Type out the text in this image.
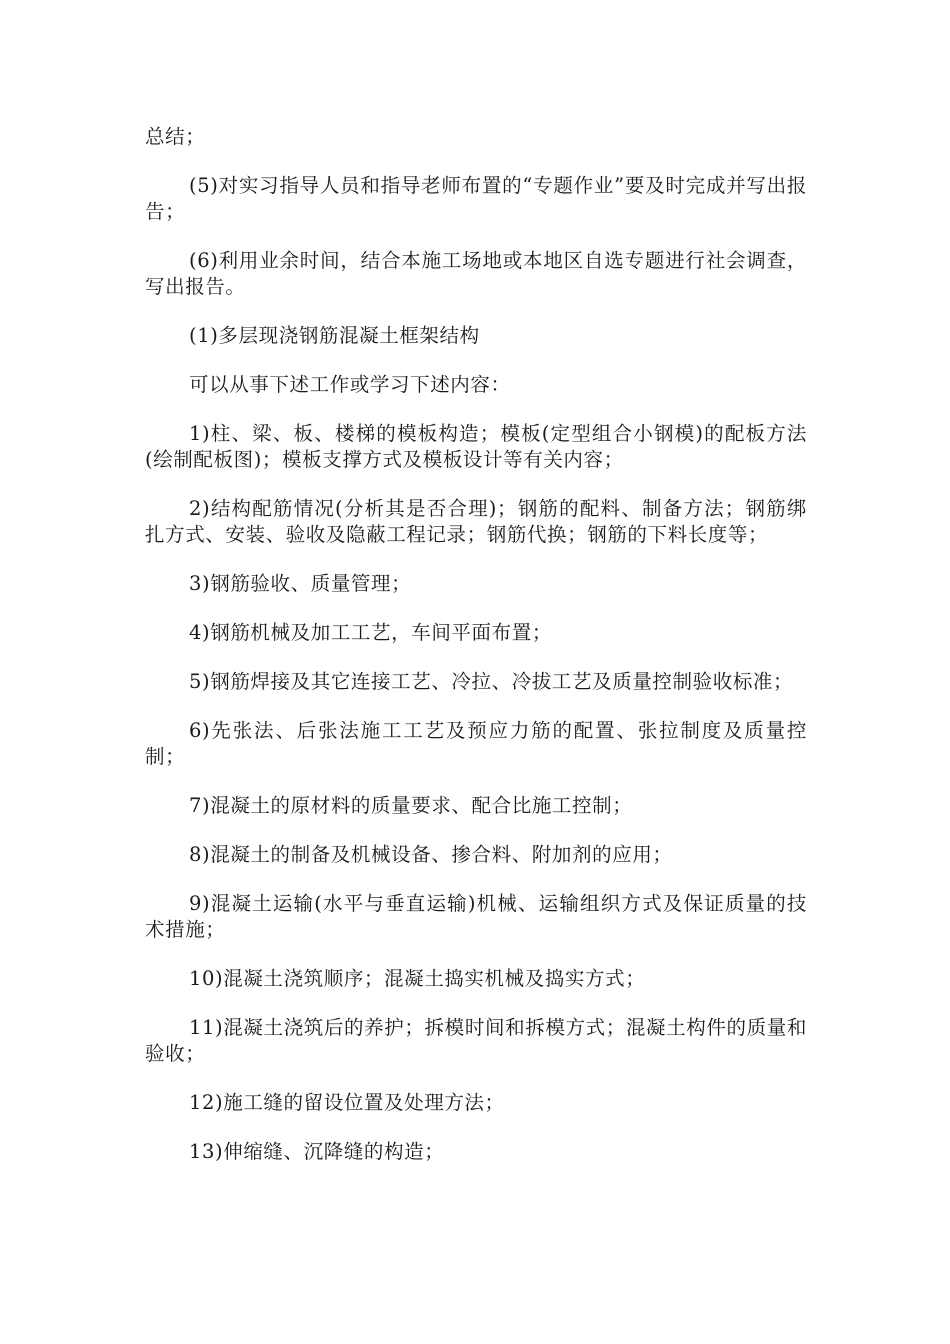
总结；

(5)对实习指导人员和指导老师布置的“专题作业”要及时完成并写出报告；

(6)利用业余时间，结合本施工场地或本地区自选专题进行社会调查，写出报告。

(1)多层现浇钢筋混凝土框架结构

可以从事下述工作或学习下述内容：

1)柱、梁、板、楼梯的模板构造；模板(定型组合小钢模)的配板方法(绘制配板图)；模板支撑方式及模板设计等有关内容；

2)结构配筋情况(分析其是否合理)；钢筋的配料、制备方法；钢筋绑扎方式、安装、验收及隐蔽工程记录；钢筋代换；钢筋的下料长度等；

3)钢筋验收、质量管理；

4)钢筋机械及加工工艺，车间平面布置；

5)钢筋焊接及其它连接工艺、冷拉、冷拔工艺及质量控制验收标准；

6)先张法、后张法施工工艺及预应力筋的配置、张拉制度及质量控制；

7)混凝土的原材料的质量要求、配合比施工控制；

8)混凝土的制备及机械设备、掺合料、附加剂的应用；

9)混凝土运输(水平与垂直运输)机械、运输组织方式及保证质量的技术措施；

10)混凝土浇筑顺序；混凝土捣实机械及捣实方式；

11)混凝土浇筑后的养护；拆模时间和拆模方式；混凝土构件的质量和验收；

12)施工缝的留设位置及处理方法；

13)伸缩缝、沉降缝的构造；
